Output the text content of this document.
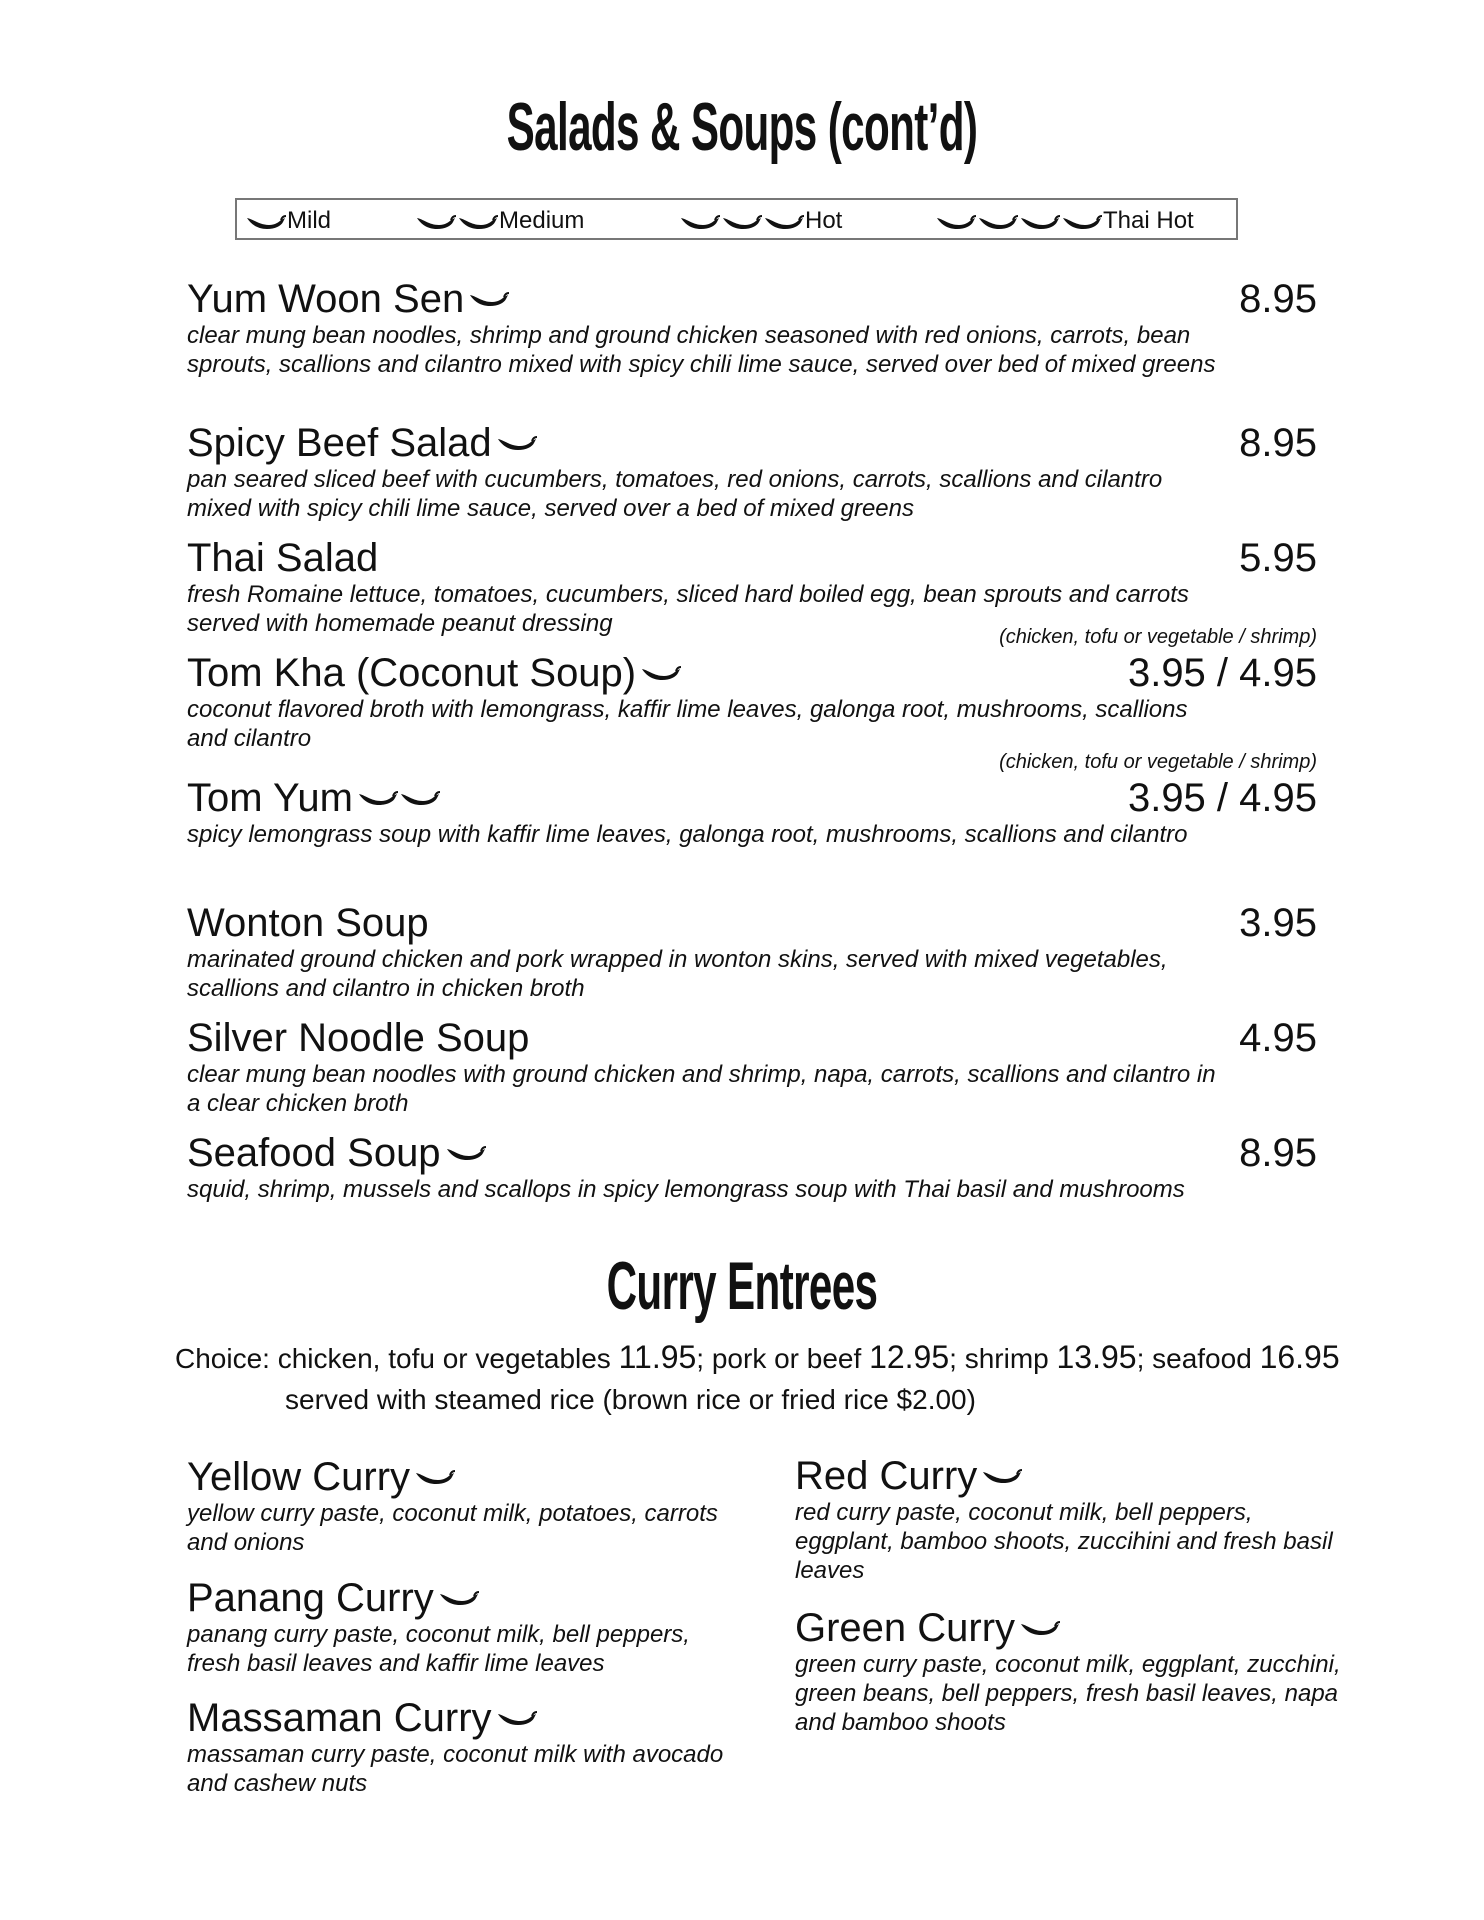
Salads & Soups (cont’d)
Mild	Medium	Hot	Thai Hot
Yum Woon Sen	8.95
clear mung bean noodles, shrimp and ground chicken seasoned with red onions, carrots, bean sprouts, scallions and cilantro mixed with spicy chili lime sauce, served over bed of mixed greens
Spicy Beef Salad	8.95
pan seared sliced beef with cucumbers, tomatoes, red onions, carrots, scallions and cilantro mixed with spicy chili lime sauce, served over a bed of mixed greens
Thai Salad	5.95
fresh Romaine lettuce, tomatoes, cucumbers, sliced hard boiled egg, bean sprouts and carrots served with homemade peanut dressing	(chicken, tofu or vegetable / shrimp)
Tom Kha (Coconut Soup)	3.95 / 4.95
coconut flavored broth with lemongrass, kaffir lime leaves, galonga root, mushrooms, scallions and cilantro
(chicken, tofu or vegetable / shrimp)
Tom Yum	3.95 / 4.95
spicy lemongrass soup with kaffir lime leaves, galonga root, mushrooms, scallions and cilantro
Wonton Soup	3.95
marinated ground chicken and pork wrapped in wonton skins, served with mixed vegetables, scallions and cilantro in chicken broth
Silver Noodle Soup	4.95
clear mung bean noodles with ground chicken and shrimp, napa, carrots, scallions and cilantro in a clear chicken broth
Seafood Soup	8.95
squid, shrimp, mussels and scallops in spicy lemongrass soup with Thai basil and mushrooms
Curry Entrees
Choice: chicken, tofu or vegetables 11.95; pork or beef 12.95; shrimp 13.95; seafood 16.95
served with steamed rice (brown rice or fried rice $2.00)
Yellow Curry
yellow curry paste, coconut milk, potatoes, carrots and onions
Panang Curry
panang curry paste, coconut milk, bell peppers, fresh basil leaves and kaffir lime leaves
Massaman Curry
massaman curry paste, coconut milk with avocado and cashew nuts
Red Curry
red curry paste, coconut milk, bell peppers, eggplant, bamboo shoots, zuccihini and fresh basil leaves
Green Curry
green curry paste, coconut milk, eggplant, zucchini, green beans, bell peppers, fresh basil leaves, napa and bamboo shoots
